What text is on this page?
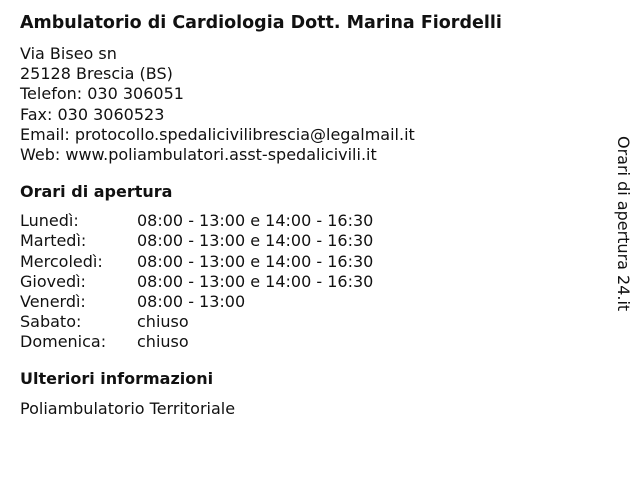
Ambulatorio di Cardiologia Dott. Marina Fiordelli
Via Biseo sn
25128 Brescia (BS)
Telefon: 030 306051
Fax: 030 3060523
Email: protocollo.spedalicivilibrescia@legalmail.it
Web: www.poliambulatori.asst-spedalicivili.it
Orari di apertura
Lunedì:	08:00 - 13:00 e 14:00 - 16:30
Martedì:	08:00 - 13:00 e 14:00 - 16:30
Mercoledì:	08:00 - 13:00 e 14:00 - 16:30
Giovedì:	08:00 - 13:00 e 14:00 - 16:30
Venerdì:	08:00 - 13:00
Sabato:	chiuso
Domenica:	chiuso
Ulteriori informazioni
Poliambulatorio Territoriale
Orari di apertura 24.it
